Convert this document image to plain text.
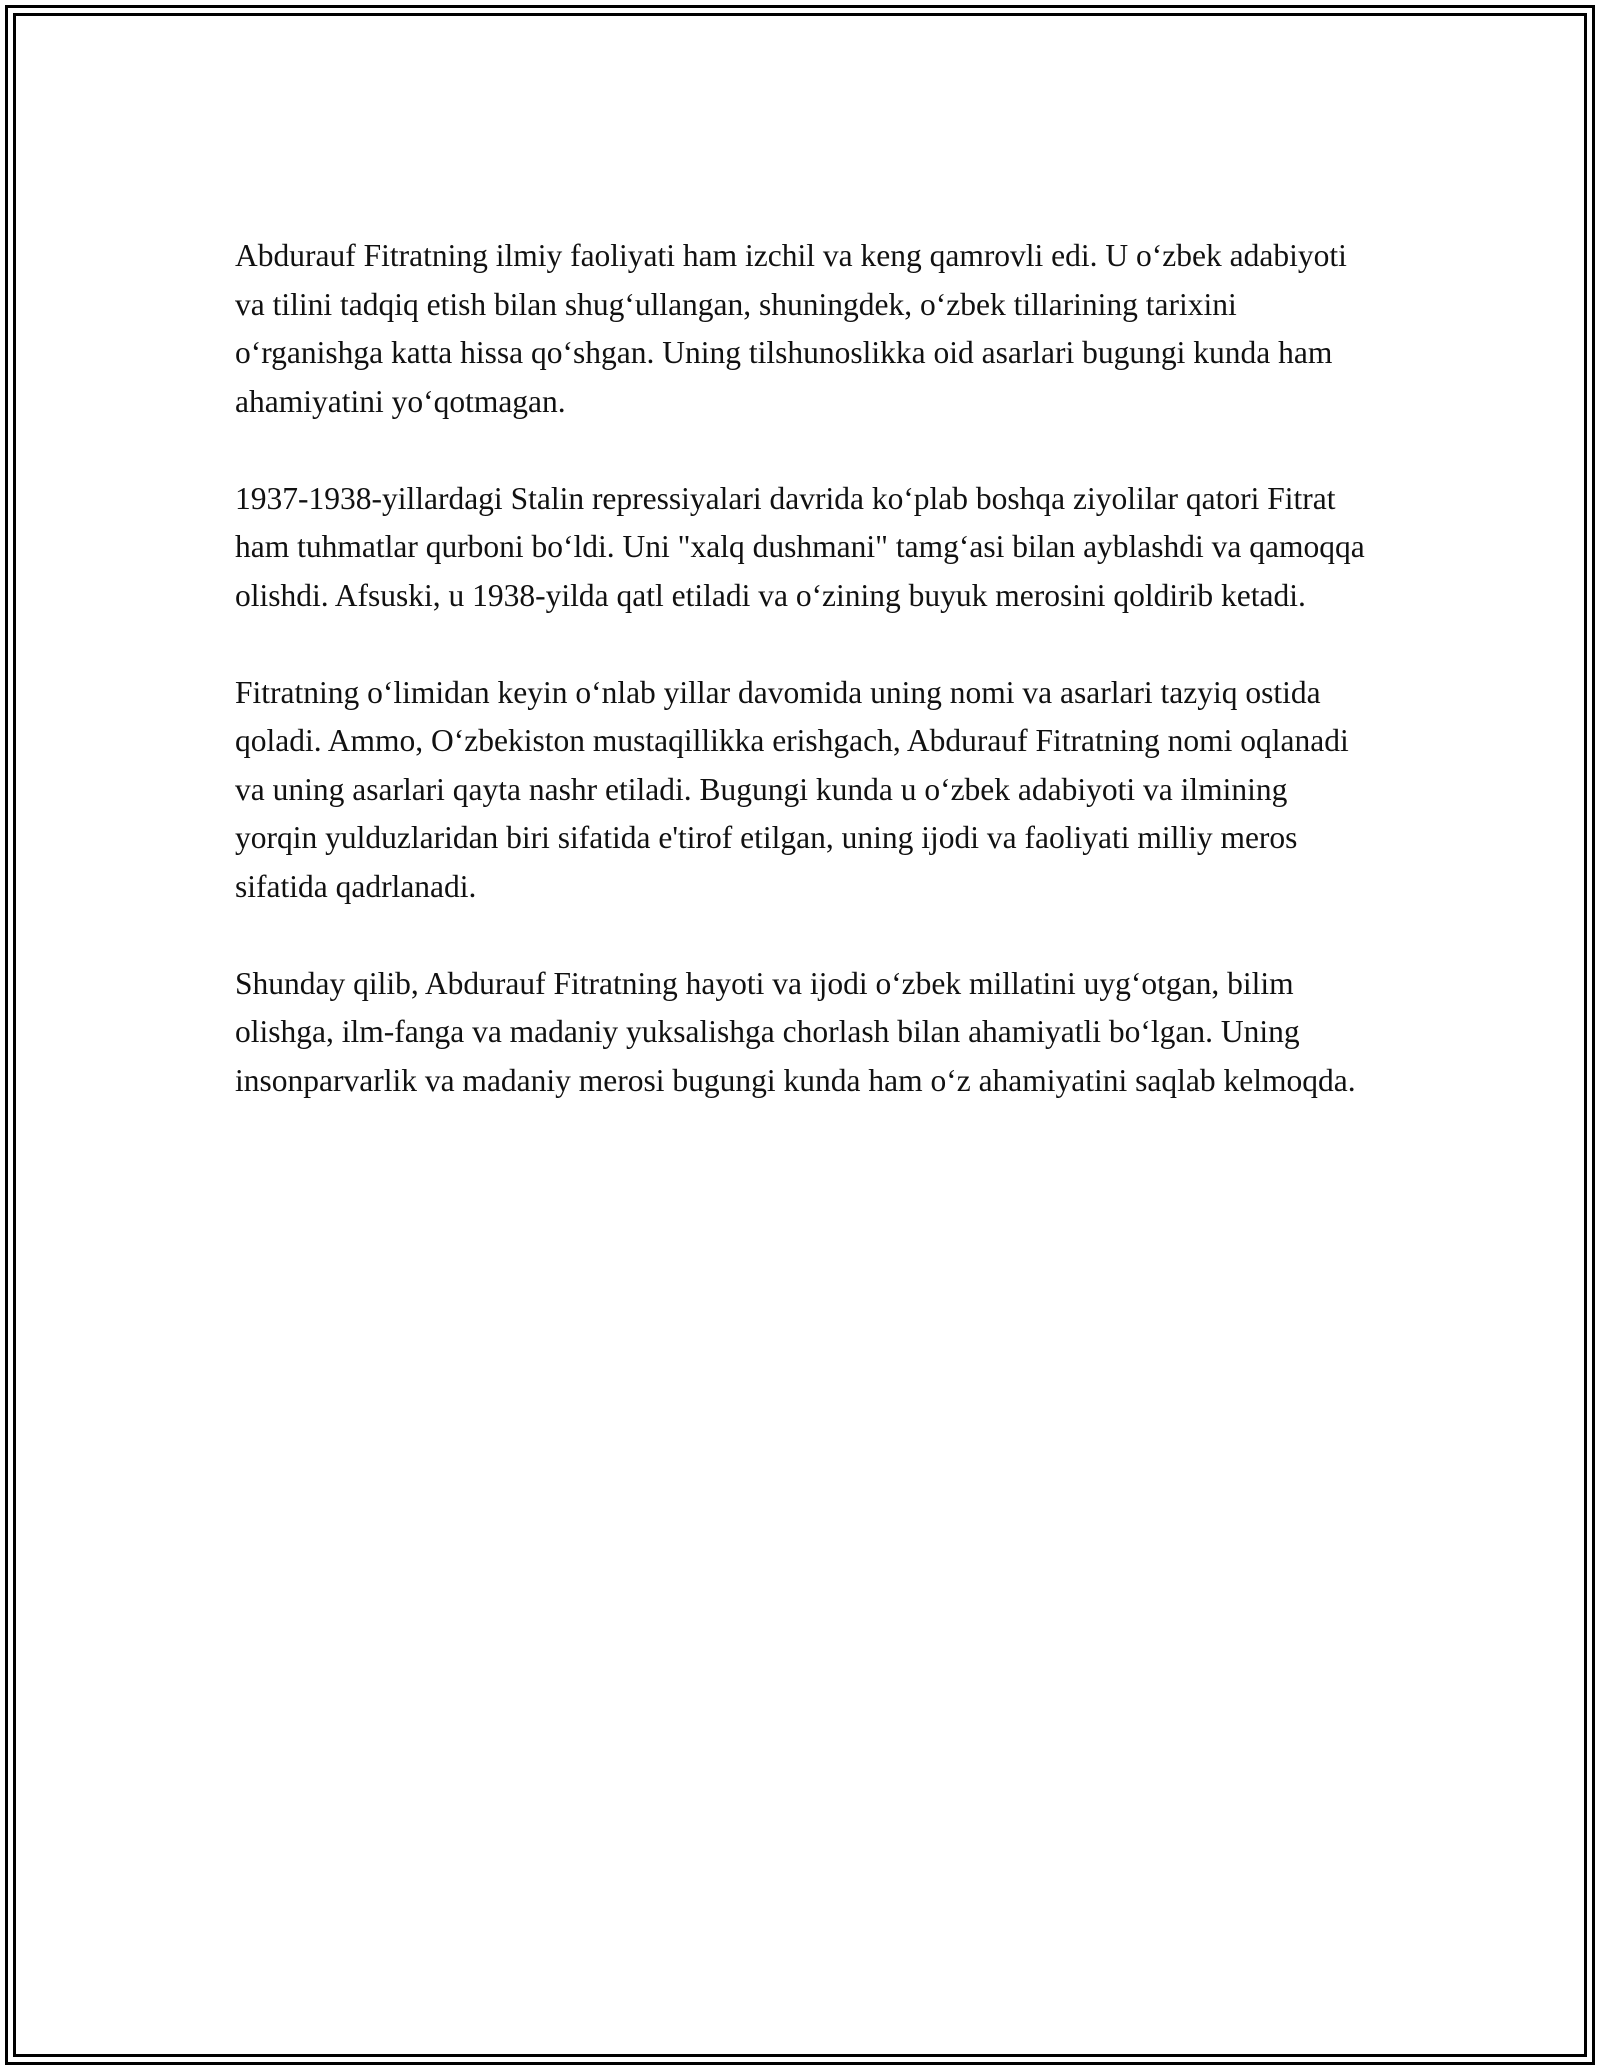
Abdurauf Fitratning ilmiy faoliyati ham izchil va keng qamrovli edi. U o‘zbek adabiyoti va tilini tadqiq etish bilan shug‘ullangan, shuningdek, o‘zbek tillarining tarixini o‘rganishga katta hissa qo‘shgan. Uning tilshunoslikka oid asarlari bugungi kunda ham ahamiyatini yo‘qotmagan.

1937-1938-yillardagi Stalin repressiyalari davrida ko‘plab boshqa ziyolilar qatori Fitrat ham tuhmatlar qurboni bo‘ldi. Uni "xalq dushmani" tamg‘asi bilan ayblashdi va qamoqqa olishdi. Afsuski, u 1938-yilda qatl etiladi va o‘zining buyuk merosini qoldirib ketadi.

Fitratning o‘limidan keyin o‘nlab yillar davomida uning nomi va asarlari tazyiq ostida qoladi. Ammo, O‘zbekiston mustaqillikka erishgach, Abdurauf Fitratning nomi oqlanadi va uning asarlari qayta nashr etiladi. Bugungi kunda u o‘zbek adabiyoti va ilmining yorqin yulduzlaridan biri sifatida e'tirof etilgan, uning ijodi va faoliyati milliy meros sifatida qadrlanadi.

Shunday qilib, Abdurauf Fitratning hayoti va ijodi o‘zbek millatini uyg‘otgan, bilim olishga, ilm-fanga va madaniy yuksalishga chorlash bilan ahamiyatli bo‘lgan. Uning insonparvarlik va madaniy merosi bugungi kunda ham o‘z ahamiyatini saqlab kelmoqda.
